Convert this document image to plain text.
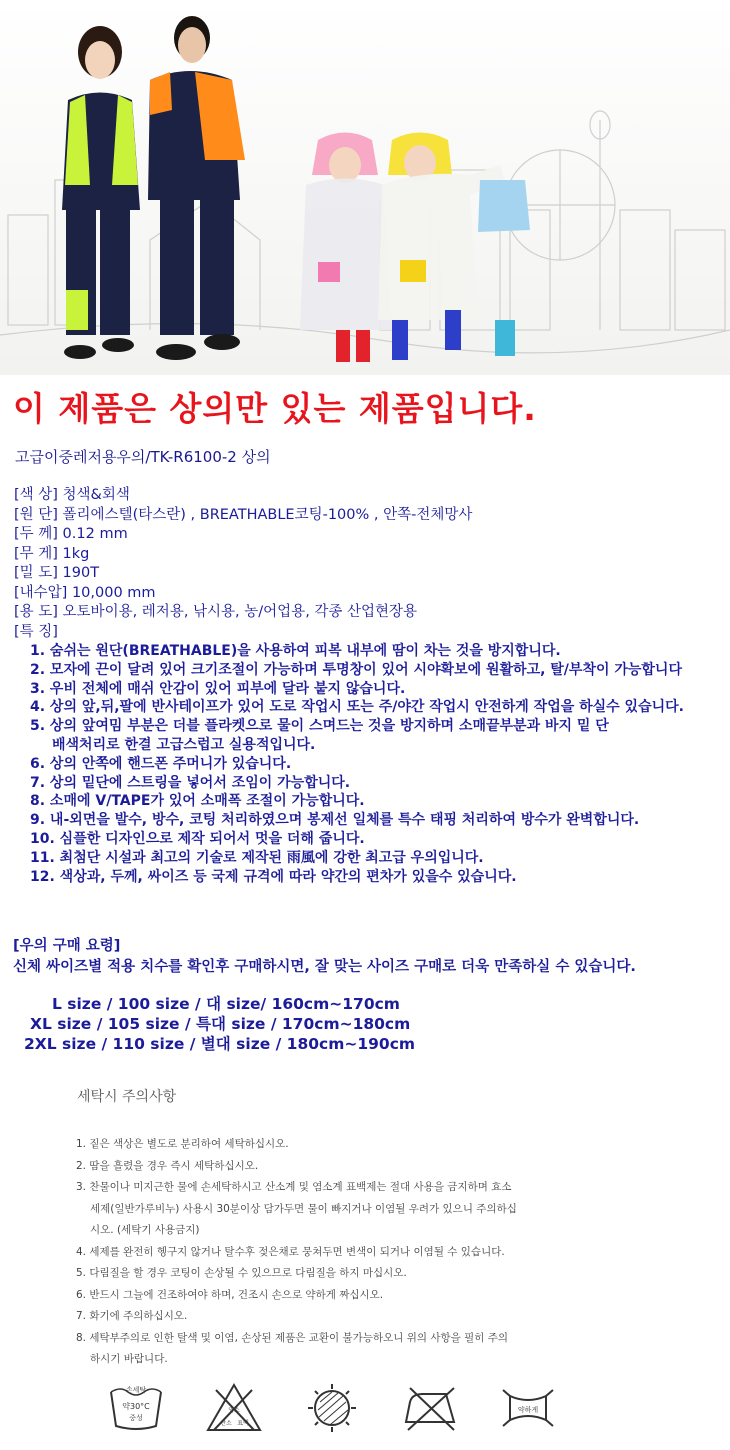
이 제품은 상의만 있는 제품입니다.
고급이중레저용우의/TK-R6100-2 상의
[색 상] 청색&회색
[원 단] 폴리에스텔(타스란) , BREATHABLE코팅-100% , 안쪽-전체망사
[두 께] 0.12 mm
[무 게] 1kg
[밀 도] 190T
[내수압] 10,000 mm
[용 도] 오토바이용, 레저용, 낚시용, 농/어업용, 각종 산업현장용
[특 징]
1. 숨쉬는 원단(BREATHABLE)을 사용하여 피복 내부에 땀이 차는 것을 방지합니다.
2. 모자에 끈이 달려 있어 크기조절이 가능하며 투명창이 있어 시야확보에 원활하고, 탈/부착이 가능합니다
3. 우비 전체에 매쉬 안감이 있어 피부에 달라 붙지 않습니다.
4. 상의 앞,뒤,팔에 반사테이프가 있어 도로 작업시 또는 주/야간 작업시 안전하게 작업을 하실수 있습니다.
5. 상의 앞여밈 부분은 더블 플라켓으로 물이 스며드는 것을 방지하며 소매끝부분과 바지 밑 단
배색처리로 한결 고급스럽고 실용적입니다.
6. 상의 안쪽에 핸드폰 주머니가 있습니다.
7. 상의 밑단에 스트링을 넣어서 조임이 가능합니다.
8. 소매에 V/TAPE가 있어 소매폭 조절이 가능합니다.
9. 내-외면을 발수, 방수, 코팅 처리하였으며 봉제선 일체를 특수 태핑 처리하여 방수가 완벽합니다.
10. 심플한 디자인으로 제작 되어서 멋을 더해 줍니다.
11. 최첨단 시설과 최고의 기술로 제작된 雨風에 강한 최고급 우의입니다.
12. 색상과, 두께, 싸이즈 등 국제 규격에 따라 약간의 편차가 있을수 있습니다.
[우의 구매 요령]
신체 싸이즈별 적용 치수를 확인후 구매하시면, 잘 맞는 사이즈 구매로 더욱 만족하실 수 있습니다.
L size / 100 size / 대 size/ 160cm~170cm
XL size / 105 size / 특대 size / 170cm~180cm
2XL size / 110 size / 별대 size / 180cm~190cm
세탁시 주의사항
1. 짙은 색상은 별도로 분리하여 세탁하십시오.
2. 땀을 흘렸을 경우 즉시 세탁하십시오.
3. 찬물이나 미지근한 물에 손세탁하시고 산소계 및 염소계 표백제는 절대 사용을 금지하며 효소
세제(일반가루비누) 사용시 30분이상 담가두면 물이 빠지거나 이염될 우려가 있으니 주의하십
시오. (세탁기 사용금지)
4. 세제를 완전히 헹구지 않거나 탈수후 젖은채로 뭉쳐두면 변색이 되거나 이염될 수 있습니다.
5. 다림질을 할 경우 코팅이 손상될 수 있으므로 다림질을 하지 마십시오.
6. 반드시 그늘에 건조하여야 하며, 건조시 손으로 약하게 짜십시오.
7. 화기에 주의하십시오.
8. 세탁부주의로 인한 탈색 및 이염, 손상된 제품은 교환이 불가능하오니 위의 사항을 필히 주의
하시기 바랍니다.
손세탁
약30°C
중성
염소
산소 표백
약하게
